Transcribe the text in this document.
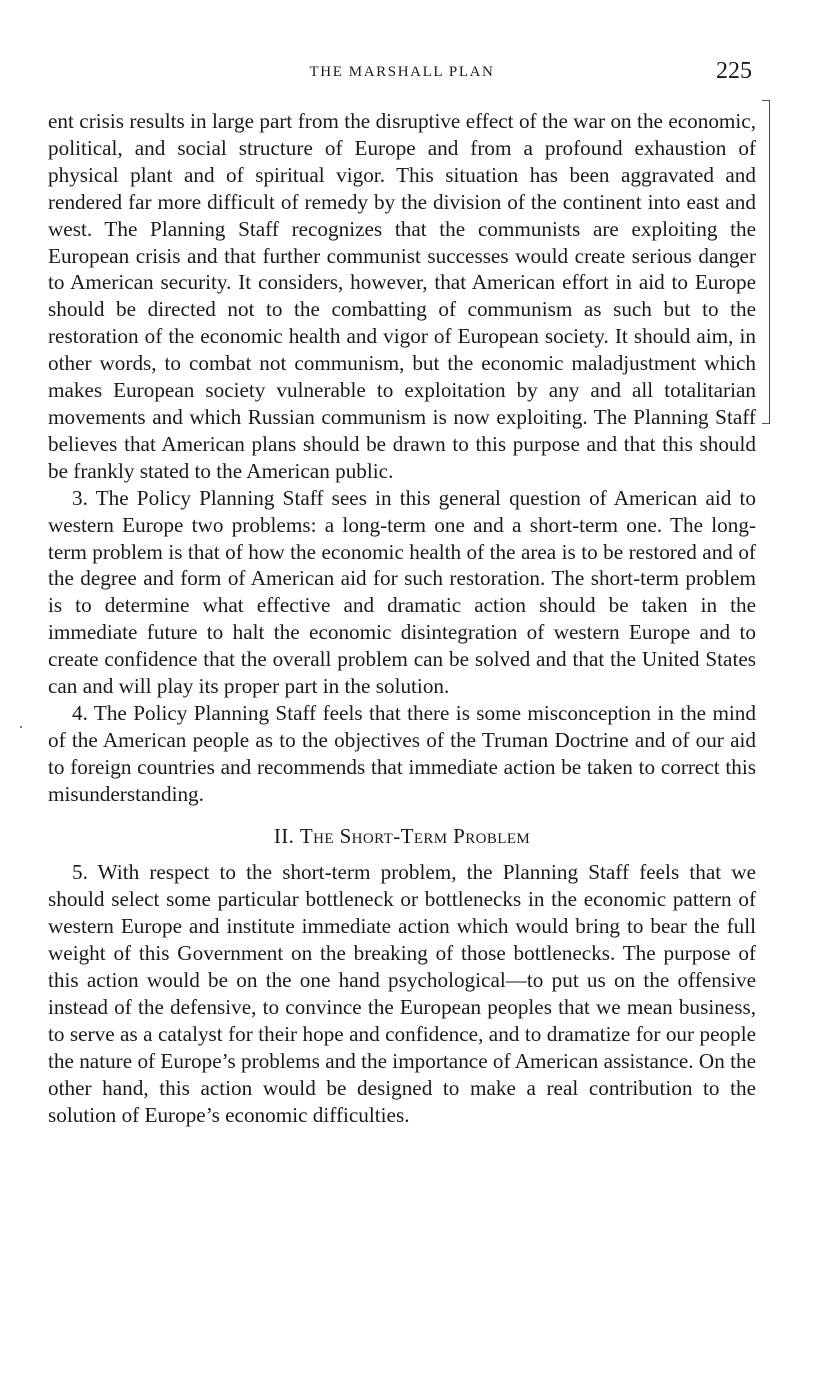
THE MARSHALL PLAN	225

ent crisis results in large part from the disruptive effect of the war on the economic, political, and social structure of Europe and from a profound exhaustion of physical plant and of spiritual vigor. This situation has been aggravated and rendered far more difficult of remedy by the division of the continent into east and west. The Planning Staff recognizes that the communists are exploiting the European crisis and that further communist successes would create serious danger to American security. It considers, however, that American effort in aid to Europe should be directed not to the combatting of communism as such but to the restoration of the economic health and vigor of European society. It should aim, in other words, to combat not communism, but the economic maladjustment which makes European society vulnerable to exploitation by any and all totalitarian movements and which Russian communism is now exploiting. The Planning Staff believes that American plans should be drawn to this purpose and that this should be frankly stated to the American public.

3. The Policy Planning Staff sees in this general question of American aid to western Europe two problems: a long-term one and a short-term one. The long-term problem is that of how the economic health of the area is to be restored and of the degree and form of American aid for such restoration. The short-term problem is to determine what effective and dramatic action should be taken in the immediate future to halt the economic disintegration of western Europe and to create confidence that the overall problem can be solved and that the United States can and will play its proper part in the solution.

4. The Policy Planning Staff feels that there is some misconception in the mind of the American people as to the objectives of the Truman Doctrine and of our aid to foreign countries and recommends that immediate action be taken to correct this misunderstanding.

II. The Short-Term Problem

5. With respect to the short-term problem, the Planning Staff feels that we should select some particular bottleneck or bottlenecks in the economic pattern of western Europe and institute immediate action which would bring to bear the full weight of this Government on the breaking of those bottlenecks. The purpose of this action would be on the one hand psychological—to put us on the offensive instead of the defensive, to convince the European peoples that we mean business, to serve as a catalyst for their hope and confidence, and to dramatize for our people the nature of Europe’s problems and the importance of American assistance. On the other hand, this action would be designed to make a real contribution to the solution of Europe’s economic difficulties.
